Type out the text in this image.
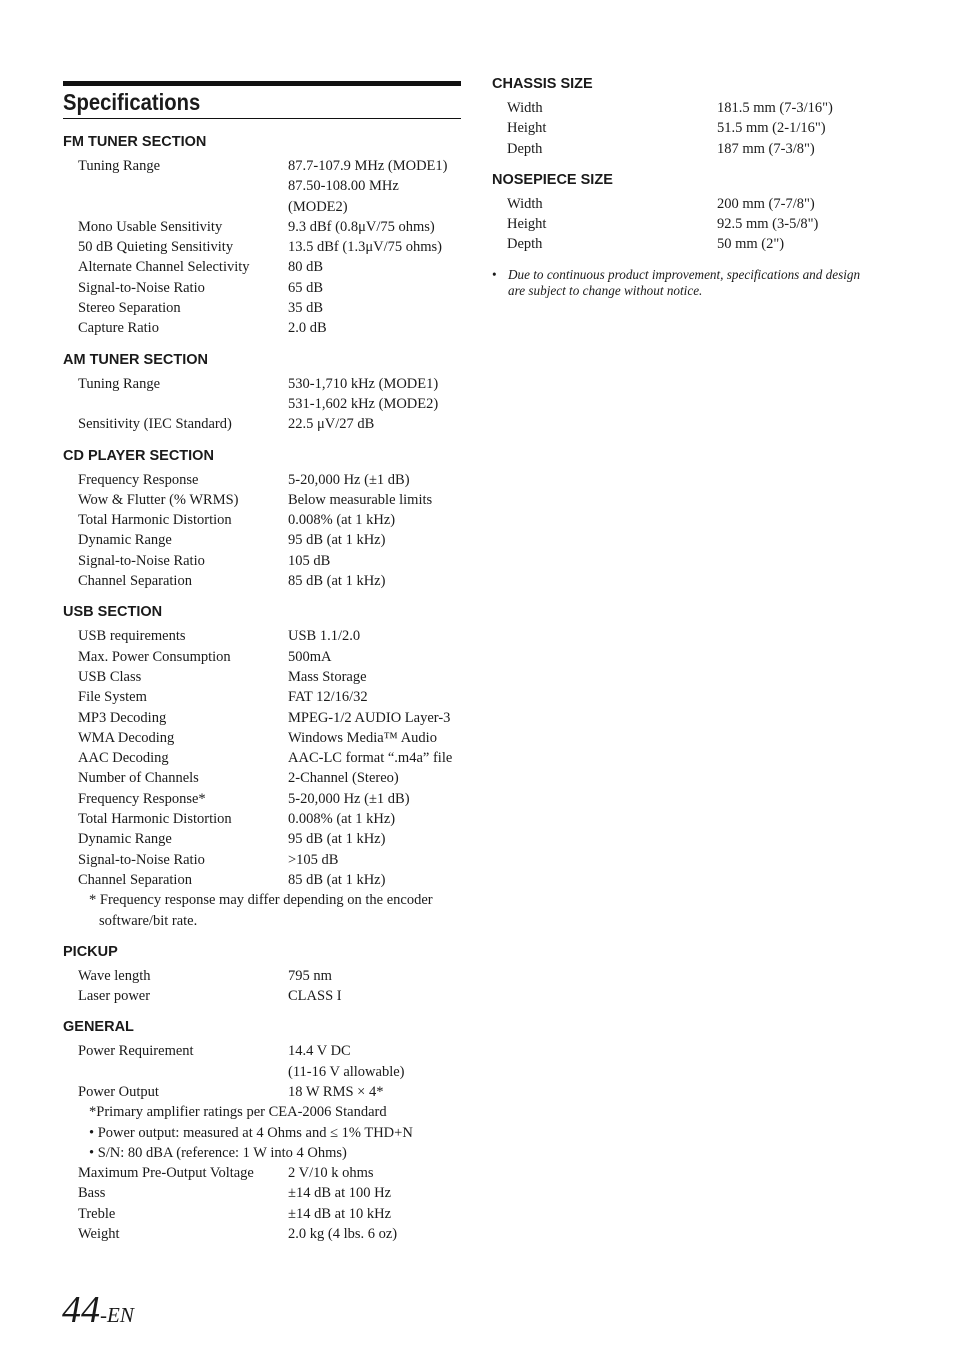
Specifications
FM TUNER SECTION
Tuning Range	87.7-107.9 MHz (MODE1)
87.50-108.00 MHz (MODE2)
Mono Usable Sensitivity	9.3 dBf (0.8μV/75 ohms)
50 dB Quieting Sensitivity	13.5 dBf (1.3μV/75 ohms)
Alternate Channel Selectivity	80 dB
Signal-to-Noise Ratio	65 dB
Stereo Separation	35 dB
Capture Ratio	2.0 dB
AM TUNER SECTION
Tuning Range	530-1,710 kHz (MODE1)
531-1,602 kHz (MODE2)
Sensitivity (IEC Standard)	22.5 μV/27 dB
CD PLAYER SECTION
Frequency Response	5-20,000 Hz (±1 dB)
Wow & Flutter (% WRMS)	Below measurable limits
Total Harmonic Distortion	0.008% (at 1 kHz)
Dynamic Range	95 dB (at 1 kHz)
Signal-to-Noise Ratio	105 dB
Channel Separation	85 dB (at 1 kHz)
USB SECTION
USB requirements	USB 1.1/2.0
Max. Power Consumption	500mA
USB Class	Mass Storage
File System	FAT 12/16/32
MP3 Decoding	MPEG-1/2 AUDIO Layer-3
WMA Decoding	Windows Media™ Audio
AAC Decoding	AAC-LC format “.m4a” file
Number of Channels	2-Channel (Stereo)
Frequency Response*	5-20,000 Hz (±1 dB)
Total Harmonic Distortion	0.008% (at 1 kHz)
Dynamic Range	95 dB (at 1 kHz)
Signal-to-Noise Ratio	>105 dB
Channel Separation	85 dB (at 1 kHz)
* Frequency response may differ depending on the encoder
software/bit rate.
PICKUP
Wave length	795 nm
Laser power	CLASS I
GENERAL
Power Requirement	14.4 V DC
(11-16 V allowable)
Power Output	18 W RMS × 4*
*Primary amplifier ratings per CEA-2006 Standard
• Power output: measured at 4 Ohms and ≤ 1% THD+N
• S/N: 80 dBA (reference: 1 W into 4 Ohms)
Maximum Pre-Output Voltage	2 V/10 k ohms
Bass	±14 dB at 100 Hz
Treble	±14 dB at 10 kHz
Weight	2.0 kg (4 lbs. 6 oz)
CHASSIS SIZE
Width	181.5 mm (7-3/16")
Height	51.5 mm (2-1/16")
Depth	187 mm (7-3/8")
NOSEPIECE SIZE
Width	200 mm (7-7/8")
Height	92.5 mm (3-5/8")
Depth	50 mm (2")
• Due to continuous product improvement, specifications and design
are subject to change without notice.
44-EN
